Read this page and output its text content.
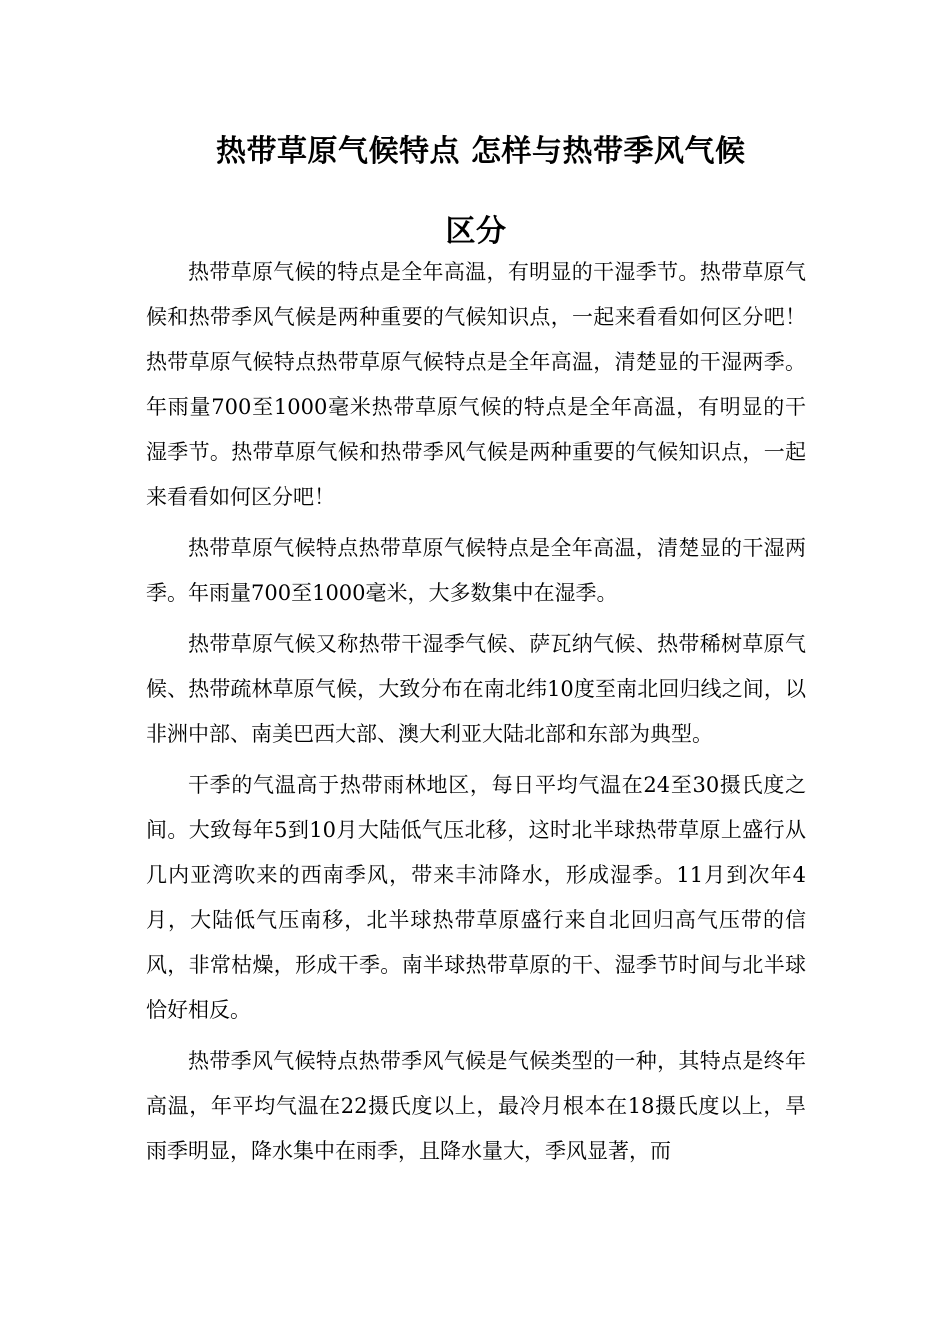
热带草原气候特点 怎样与热带季风气候
区分

热带草原气候的特点是全年高温，有明显的干湿季节。热带草原气候和热带季风气候是两种重要的气候知识点，一起来看看如何区分吧！热带草原气候特点热带草原气候特点是全年高温，清楚显的干湿两季。年雨量700至1000毫米热带草原气候的特点是全年高温，有明显的干湿季节。热带草原气候和热带季风气候是两种重要的气候知识点，一起来看看如何区分吧！

热带草原气候特点热带草原气候特点是全年高温，清楚显的干湿两季。年雨量700至1000毫米，大多数集中在湿季。

热带草原气候又称热带干湿季气候、萨瓦纳气候、热带稀树草原气候、热带疏林草原气候，大致分布在南北纬10度至南北回归线之间，以非洲中部、南美巴西大部、澳大利亚大陆北部和东部为典型。

干季的气温高于热带雨林地区，每日平均气温在24至30摄氏度之间。大致每年5到10月大陆低气压北移，这时北半球热带草原上盛行从几内亚湾吹来的西南季风，带来丰沛降水，形成湿季。11月到次年4月，大陆低气压南移，北半球热带草原盛行来自北回归高气压带的信风，非常枯燥，形成干季。南半球热带草原的干、湿季节时间与北半球恰好相反。

热带季风气候特点热带季风气候是气候类型的一种，其特点是终年高温，年平均气温在22摄氏度以上，最冷月根本在18摄氏度以上，旱雨季明显，降水集中在雨季，且降水量大，季风显著，而
